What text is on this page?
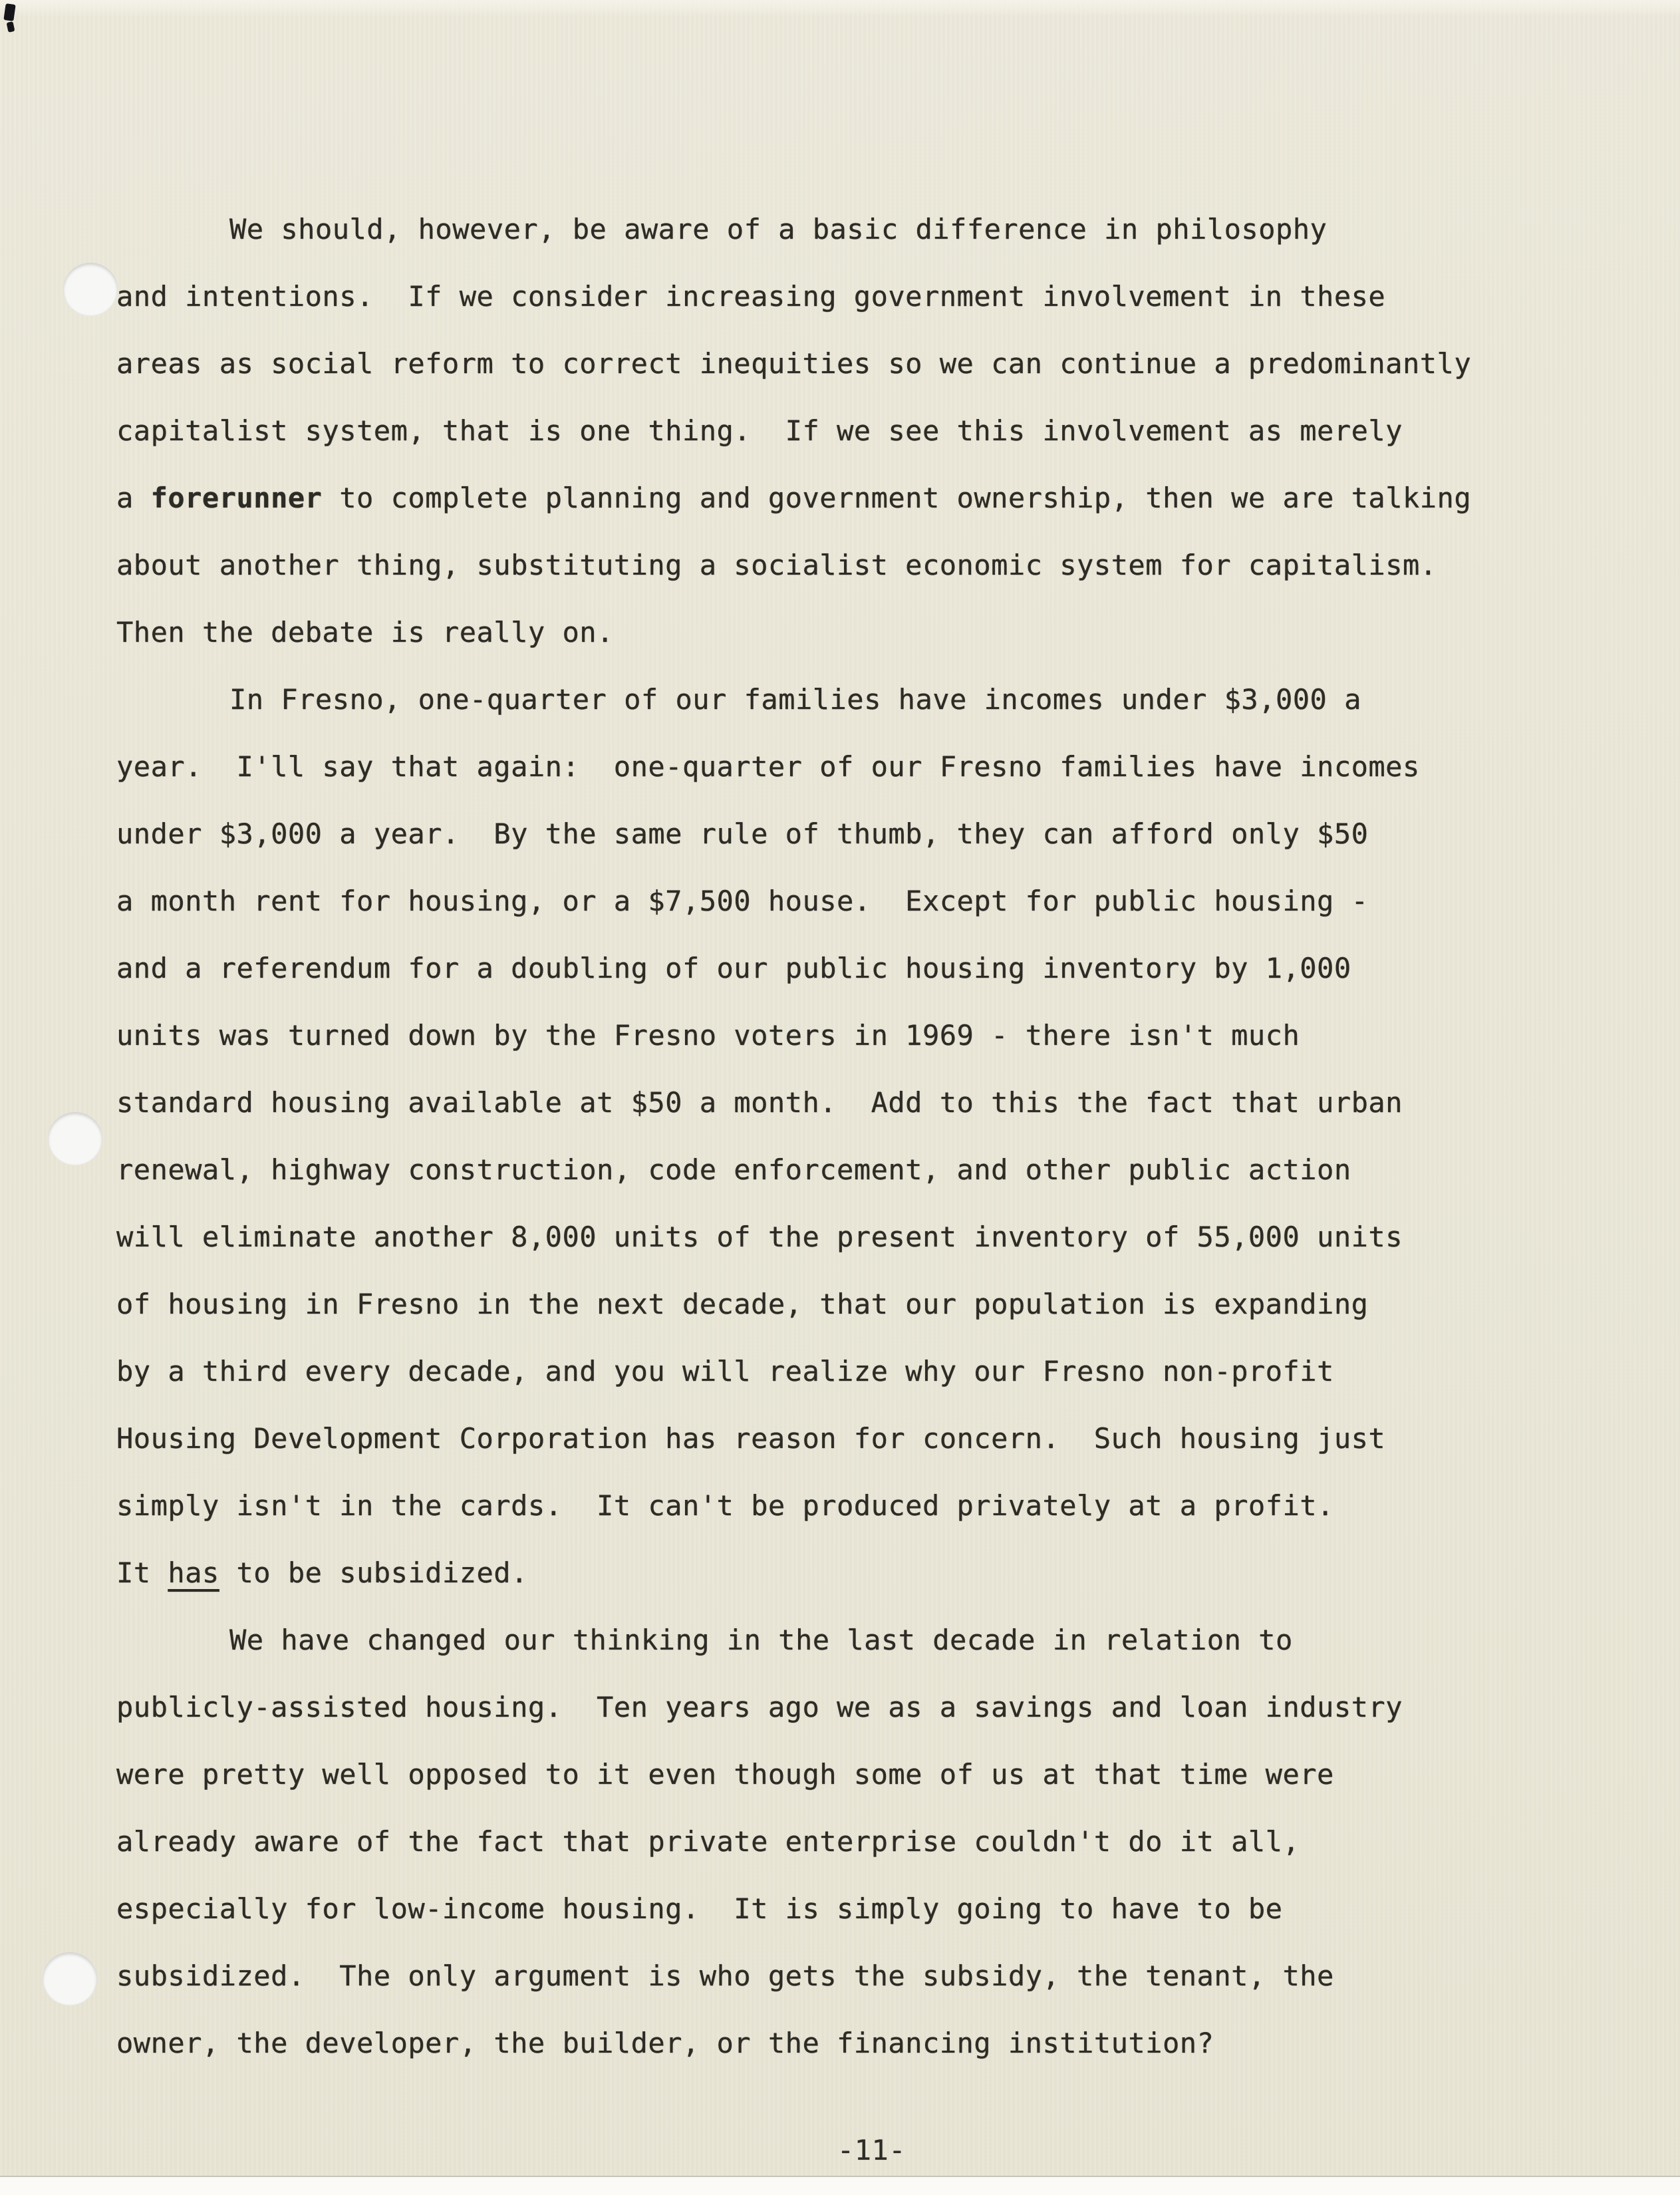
We should, however, be aware of a basic difference in philosophy
and intentions.  If we consider increasing government involvement in these
areas as social reform to correct inequities so we can continue a predominantly
capitalist system, that is one thing.  If we see this involvement as merely
a forerunner to complete planning and government ownership, then we are talking
about another thing, substituting a socialist economic system for capitalism.
Then the debate is really on.
In Fresno, one-quarter of our families have incomes under $3,000 a
year.  I'll say that again:  one-quarter of our Fresno families have incomes
under $3,000 a year.  By the same rule of thumb, they can afford only $50
a month rent for housing, or a $7,500 house.  Except for public housing -
and a referendum for a doubling of our public housing inventory by 1,000
units was turned down by the Fresno voters in 1969 - there isn't much
standard housing available at $50 a month.  Add to this the fact that urban
renewal, highway construction, code enforcement, and other public action
will eliminate another 8,000 units of the present inventory of 55,000 units
of housing in Fresno in the next decade, that our population is expanding
by a third every decade, and you will realize why our Fresno non-profit
Housing Development Corporation has reason for concern.  Such housing just
simply isn't in the cards.  It can't be produced privately at a profit.
It has to be subsidized.
We have changed our thinking in the last decade in relation to
publicly-assisted housing.  Ten years ago we as a savings and loan industry
were pretty well opposed to it even though some of us at that time were
already aware of the fact that private enterprise couldn't do it all,
especially for low-income housing.  It is simply going to have to be
subsidized.  The only argument is who gets the subsidy, the tenant, the
owner, the developer, the builder, or the financing institution?
-11-
